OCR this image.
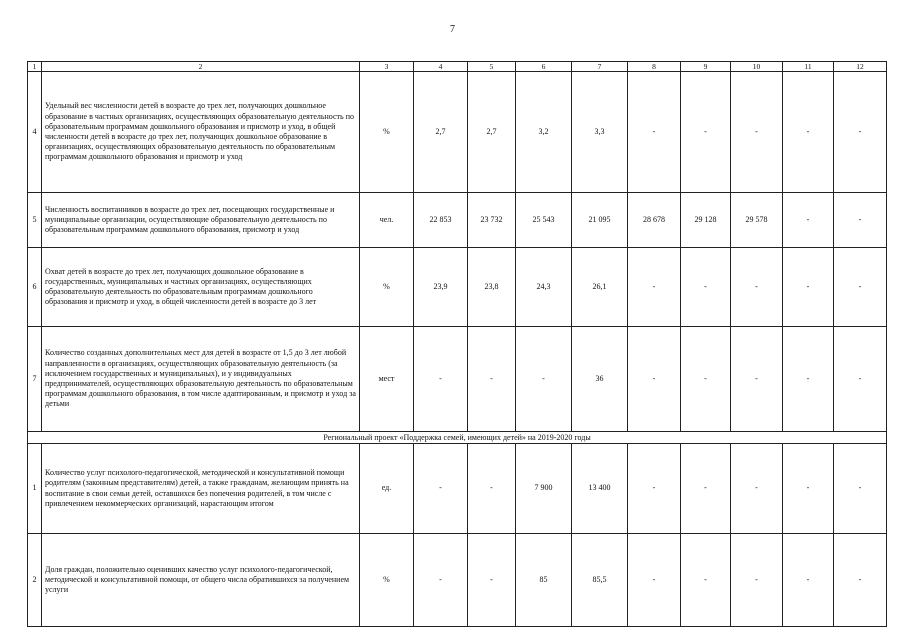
7
1	2	3	4	5	6	7	8	9	10	11	12
4	Удельный вес численности детей в возрасте до трех лет, получающих дошкольное образование в частных организациях, осуществляющих образовательную деятельность по образовательным программам дошкольного образования и присмотр и уход, в общей численности детей в возрасте до трех лет, получающих дошкольное образование в организациях, осуществляющих образовательную деятельность по образовательным программам дошкольного образования и присмотр и уход	%	2,7	2,7	3,2	3,3	-	-	-	-	-
5	Численность воспитанников в возрасте до трех лет, посещающих государственные и муниципальные организации, осуществляющие образовательную деятельность по образовательным программам дошкольного образования, присмотр и уход	чел.	22 853	23 732	25 543	21 095	28 678	29 128	29 578	-	-
6	Охват детей в возрасте до трех лет, получающих дошкольное образование в государственных, муниципальных и частных организациях, осуществляющих образовательную деятельность по образовательным программам дошкольного образования и присмотр и уход, в общей численности детей в возрасте до 3 лет	%	23,9	23,8	24,3	26,1	-	-	-	-	-
7	Количество созданных дополнительных мест для детей в возрасте от 1,5 до 3 лет любой направленности в организациях, осуществляющих образовательную деятельность (за исключением государственных и муниципальных), и у индивидуальных предпринимателей, осуществляющих образовательную деятельность по образовательным программам дошкольного образования, в том числе адаптированным, и присмотр и уход за детьми	мест	-	-	-	36	-	-	-	-	-
Региональный проект «Поддержка семей, имеющих детей» на 2019-2020 годы											
1	Количество услуг психолого-педагогической, методической и консультативной помощи родителям (законным представителям) детей, а также гражданам, желающим принять на воспитание в свои семьи детей, оставшихся без попечения родителей, в том числе с привлечением некоммерческих организаций, нарастающим итогом	ед.	-	-	7 900	13 400	-	-	-	-	-
2	Доля граждан, положительно оценивших качество услуг психолого-педагогической, методической и консультативной помощи, от общего числа обратившихся за получением услуги	%	-	-	85	85,5	-	-	-	-	-
